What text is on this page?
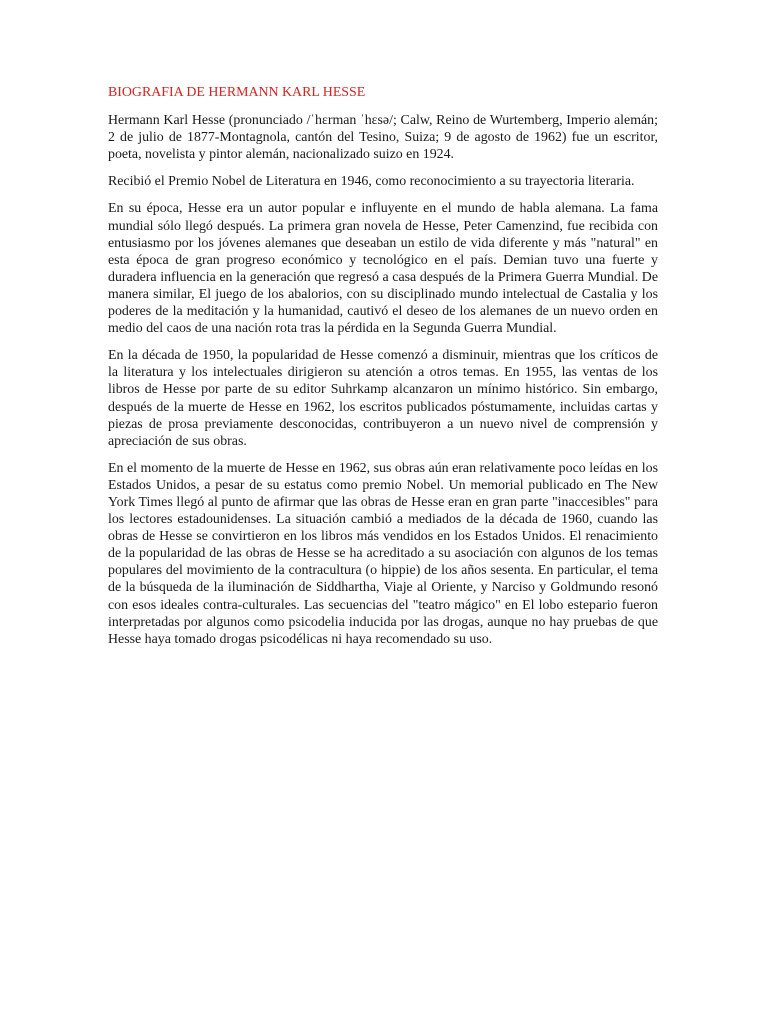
BIOGRAFIA DE HERMANN KARL HESSE

Hermann Karl Hesse (pronunciado /ˈhɛrman ˈhɛsə/; Calw, Reino de Wurtemberg, Imperio alemán; 2 de julio de 1877-Montagnola, cantón del Tesino, Suiza; 9 de agosto de 1962) fue un escritor, poeta, novelista y pintor alemán, nacionalizado suizo en 1924.

Recibió el Premio Nobel de Literatura en 1946, como reconocimiento a su trayectoria literaria.

En su época, Hesse era un autor popular e influyente en el mundo de habla alemana. La fama mundial sólo llegó después. La primera gran novela de Hesse, Peter Camenzind, fue recibida con entusiasmo por los jóvenes alemanes que deseaban un estilo de vida diferente y más "natural" en esta época de gran progreso económico y tecnológico en el país. Demian tuvo una fuerte y duradera influencia en la generación que regresó a casa después de la Primera Guerra Mundial. De manera similar, El juego de los abalorios, con su disciplinado mundo intelectual de Castalia y los poderes de la meditación y la humanidad, cautivó el deseo de los alemanes de un nuevo orden en medio del caos de una nación rota tras la pérdida en la Segunda Guerra Mundial.

En la década de 1950, la popularidad de Hesse comenzó a disminuir, mientras que los críticos de la literatura y los intelectuales dirigieron su atención a otros temas. En 1955, las ventas de los libros de Hesse por parte de su editor Suhrkamp alcanzaron un mínimo histórico. Sin embargo, después de la muerte de Hesse en 1962, los escritos publicados póstumamente, incluidas cartas y piezas de prosa previamente desconocidas, contribuyeron a un nuevo nivel de comprensión y apreciación de sus obras.

En el momento de la muerte de Hesse en 1962, sus obras aún eran relativamente poco leídas en los Estados Unidos, a pesar de su estatus como premio Nobel. Un memorial publicado en The New York Times llegó al punto de afirmar que las obras de Hesse eran en gran parte "inaccesibles" para los lectores estadounidenses. La situación cambió a mediados de la década de 1960, cuando las obras de Hesse se convirtieron en los libros más vendidos en los Estados Unidos. El renacimiento de la popularidad de las obras de Hesse se ha acreditado a su asociación con algunos de los temas populares del movimiento de la contracultura (o hippie) de los años sesenta. En particular, el tema de la búsqueda de la iluminación de Siddhartha, Viaje al Oriente, y Narciso y Goldmundo resonó con esos ideales contra-culturales. Las secuencias del "teatro mágico" en El lobo estepario fueron interpretadas por algunos como psicodelia inducida por las drogas, aunque no hay pruebas de que Hesse haya tomado drogas psicodélicas ni haya recomendado su uso.
